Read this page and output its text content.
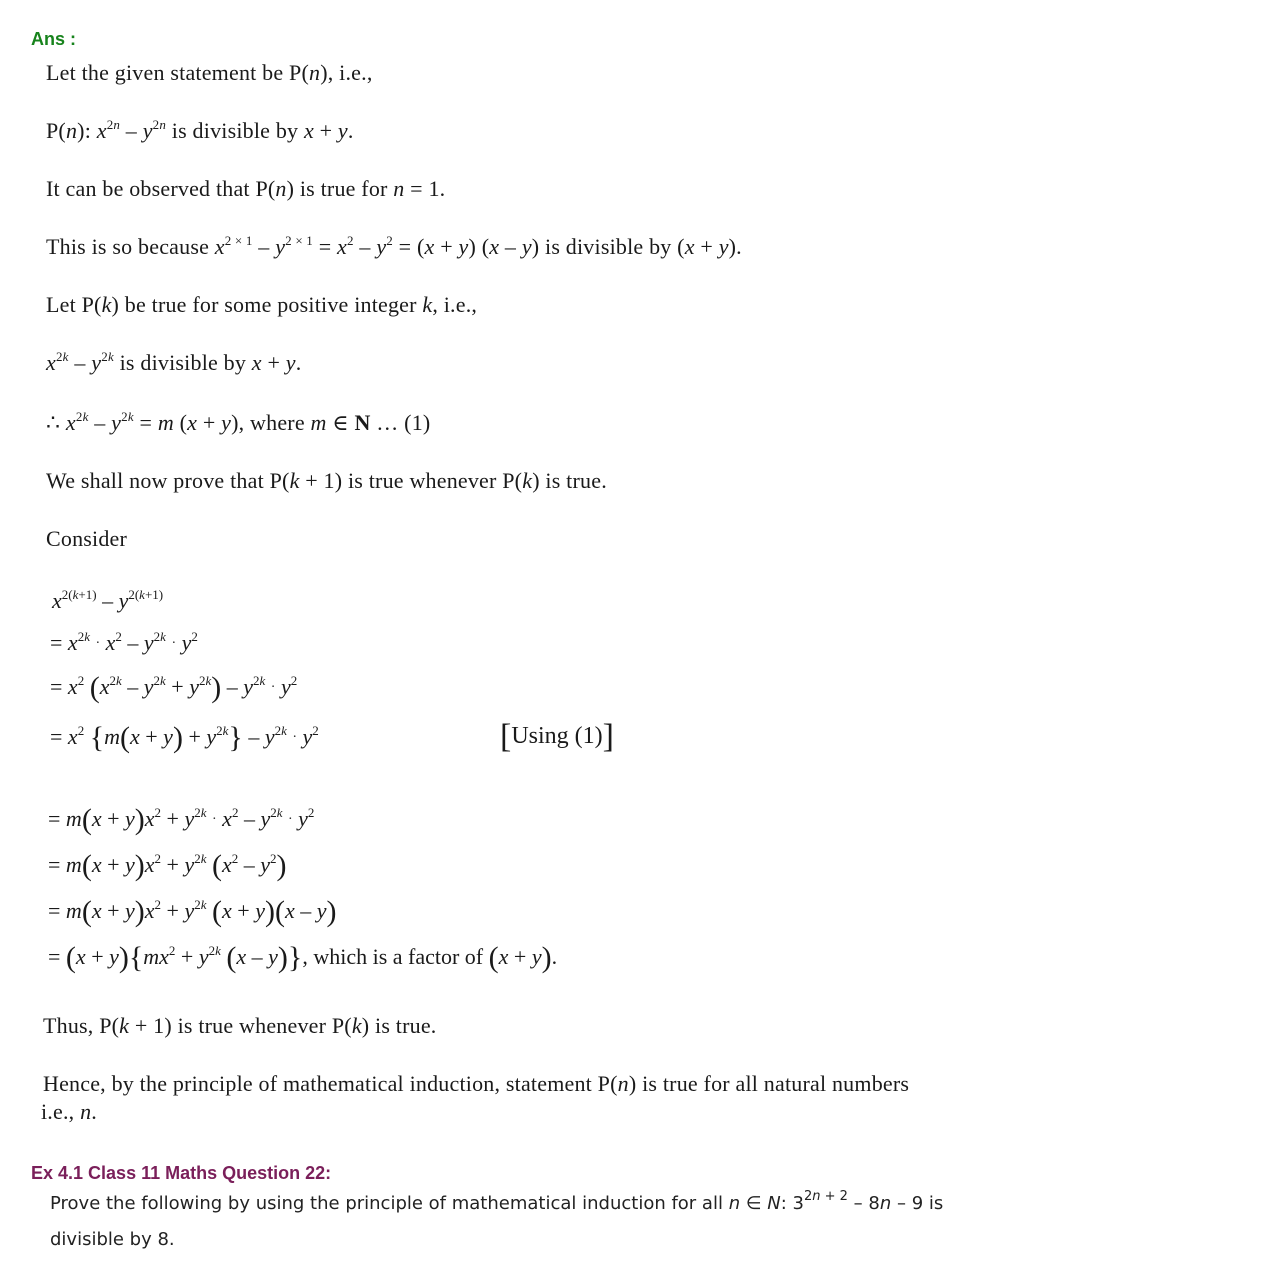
Ans :
Let the given statement be P(n), i.e.,
P(n): $x^{2n} - y^{2n}$ is divisible by x + y.
It can be observed that P(n) is true for n = 1.
This is so because $x^{2 \times 1} - y^{2 \times 1} = x^2 - y^2 = (x + y)$ (x – y) is divisible by (x + y).
Let P(k) be true for some positive integer k, i.e.,
$x^{2k} - y^{2k}$ is divisible by x + y.
∴ $x^{2k} - y^{2k} = m$ (x + y), where m ∈ N … (1)
We shall now prove that P(k + 1) is true whenever P(k) is true.
Consider
$x^{2(k+1)} - y^{2(k+1)}$
= $x^{2k} \cdot x^2 - y^{2k} \cdot y^2$
= $x^2$ $(x^{2k} - y^{2k} + y^{2k}) - y^{2k} \cdot y^2$
= $x^2$ $\{m(x + y) + y^{2k}\} - y^{2k} \cdot y^2$	[Using (1)]
= $m(x + y)x^2 + y^{2k} \cdot x^2 - y^{2k} \cdot y^2$
= $m(x + y)x^2 + y^{2k}$ $(x^2 - y^2)$
= $m(x + y)x^2 + y^{2k}$ (x + y)(x – y)
= $(x + y)\{mx^2 + y^{2k}$ (x – y)}, which is a factor of (x + y).
Thus, P(k + 1) is true whenever P(k) is true.
Hence, by the principle of mathematical induction, statement P(n) is true for all natural numbers
i.e., n.
Ex 4.1 Class 11 Maths Question 22:
Prove the following by using the principle of mathematical induction for all n ∈ N: $3^{2n + 2} - 8n - 9$ is
divisible by 8.
